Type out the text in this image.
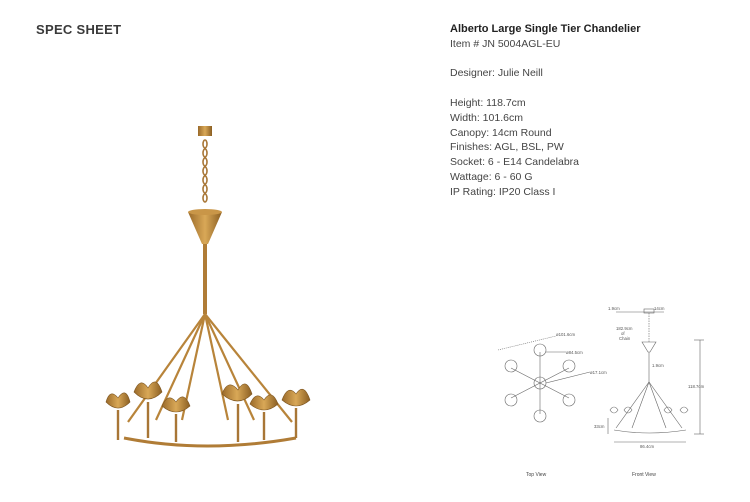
SPEC SHEET	Alberto Large Single Tier Chandelier
Item # JN 5004AGL-EU
Designer: Julie Neill
Height: 118.7cm
Width: 101.6cm
Canopy: 14cm Round
Finishes: AGL, BSL, PW
Socket: 6 - E14 Candelabra
Wattage: 6 - 60 G
IP Rating: IP20 Class I
ø101.6cm
ø84.5cm
ø17.1cm
1.9cm	14cm
182.9cm
of
Chain
1.9cm
118.7cm
33cm
86.4cm
Top View	Front View
